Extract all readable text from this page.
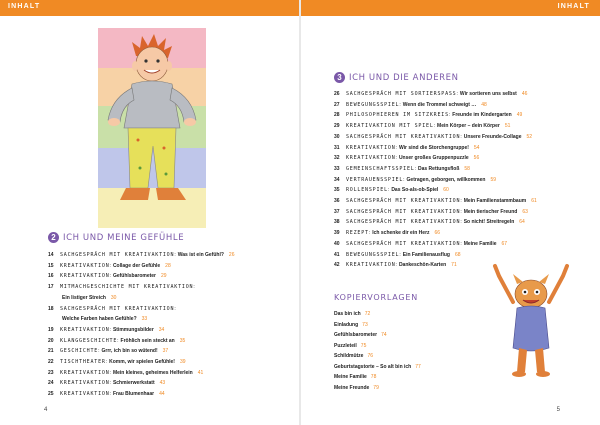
INHALT
2 ICH UND MEINE GEFÜHLE
14	SACHGESPRÄCH MIT KREATIVAKTION : Was ist ein Gefühl? 26
15	KREATIVAKTION : Collage der Gefühle 28
16	KREATIVAKTION : Gefühlsbarometer 29
17	MITMACHGESCHICHTE MIT KREATIVAKTION :
Ein listiger Streich 30
18	SACHGESPRÄCH MIT KREATIVAKTION :
Welche Farben haben Gefühle? 33
19	KREATIVAKTION : Stimmungsbilder 34
20	KLANGGESCHICHTE : Fröhlich sein steckt an 35
21	GESCHICHTE : Grrr, ich bin so wütend! 37
22	TISCHTHEATER : Komm, wir spielen Gefühle! 39
23	KREATIVAKTION : Mein kleines, geheimes Helferlein 41
24	KREATIVAKTION : Schmierwerkstatt 43
25	KREATIVAKTION : Frau Blumenhaar 44
4
INHALT
3 ICH UND DIE ANDEREN
26	SACHGESPRÄCH MIT SORTIERSPASS : Wir sortieren uns selbst 46
27	BEWEGUNGSSPIEL : Wenn die Trommel schweigt … 48
28	PHILOSOPHIEREN IM SITZKREIS : Freunde im Kindergarten 49
29	KREATIVAKTION MIT SPIEL : Mein Körper – dein Körper 51
30	SACHGESPRÄCH MIT KREATIVAKTION : Unsere Freunde-Collage 52
31	KREATIVAKTION : Wir sind die Storchengruppe! 54
32	KREATIVAKTION : Unser großes Gruppenpuzzle 56
33	GEMEINSCHAFTSSPIEL : Das Rettungsfloß 58
34	VERTRAUENSSPIEL : Getragen, geborgen, willkommen 59
35	ROLLENSPIEL : Das So-als-ob-Spiel 60
36	SACHGESPRÄCH MIT KREATIVAKTION : Mein Familienstammbaum 61
37	SACHGESPRÄCH MIT KREATIVAKTION : Mein tierischer Freund 63
38	SACHGESPRÄCH MIT KREATIVAKTION : So nicht! Streitregeln 64
39	REZEPT : Ich schenke dir ein Herz 66
40	SACHGESPRÄCH MIT KREATIVAKTION : Meine Familie 67
41	BEWEGUNGSSPIEL : Ein Familienausflug 68
42	KREATIVAKTION : Dankeschön-Karten 71
KOPIERVORLAGEN
Das bin ich 72
Einladung 73
Gefühlsbarometer 74
Puzzleteil 75
Schildmütze 76
Geburtstagstorte – So alt bin ich 77
Meine Familie 78
Meine Freunde 79
5
